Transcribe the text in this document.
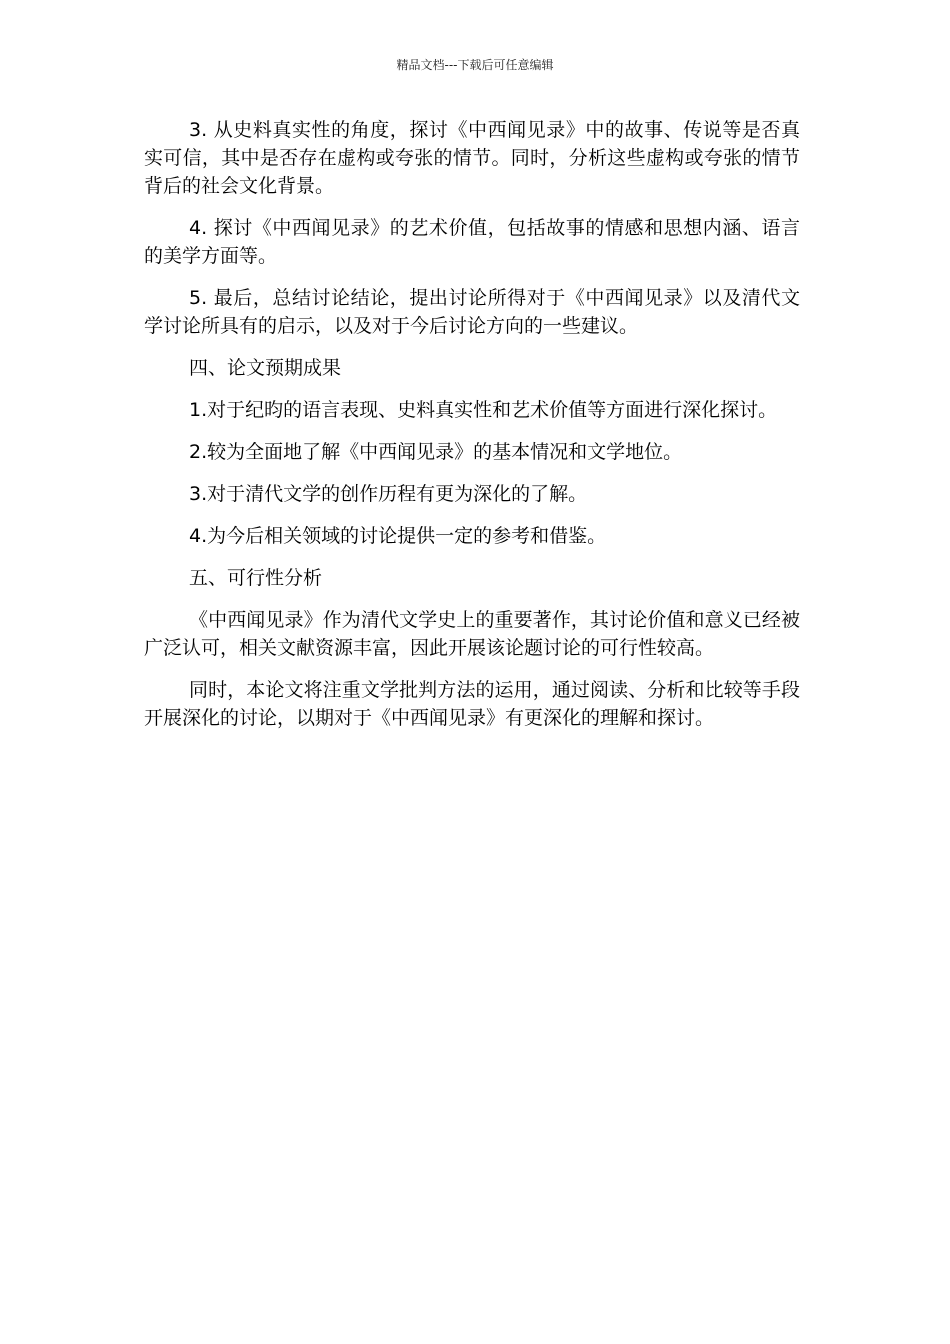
精品文档---下载后可任意编辑

3. 从史料真实性的角度，探讨《中西闻见录》中的故事、传说等是否真实可信，其中是否存在虚构或夸张的情节。同时，分析这些虚构或夸张的情节背后的社会文化背景。

4. 探讨《中西闻见录》的艺术价值，包括故事的情感和思想内涵、语言的美学方面等。

5. 最后，总结讨论结论，提出讨论所得对于《中西闻见录》以及清代文学讨论所具有的启示，以及对于今后讨论方向的一些建议。

四、论文预期成果

1.对于纪昀的语言表现、史料真实性和艺术价值等方面进行深化探讨。

2.较为全面地了解《中西闻见录》的基本情况和文学地位。

3.对于清代文学的创作历程有更为深化的了解。

4.为今后相关领域的讨论提供一定的参考和借鉴。

五、可行性分析

《中西闻见录》作为清代文学史上的重要著作，其讨论价值和意义已经被广泛认可，相关文献资源丰富，因此开展该论题讨论的可行性较高。

同时，本论文将注重文学批判方法的运用，通过阅读、分析和比较等手段开展深化的讨论，以期对于《中西闻见录》有更深化的理解和探讨。
